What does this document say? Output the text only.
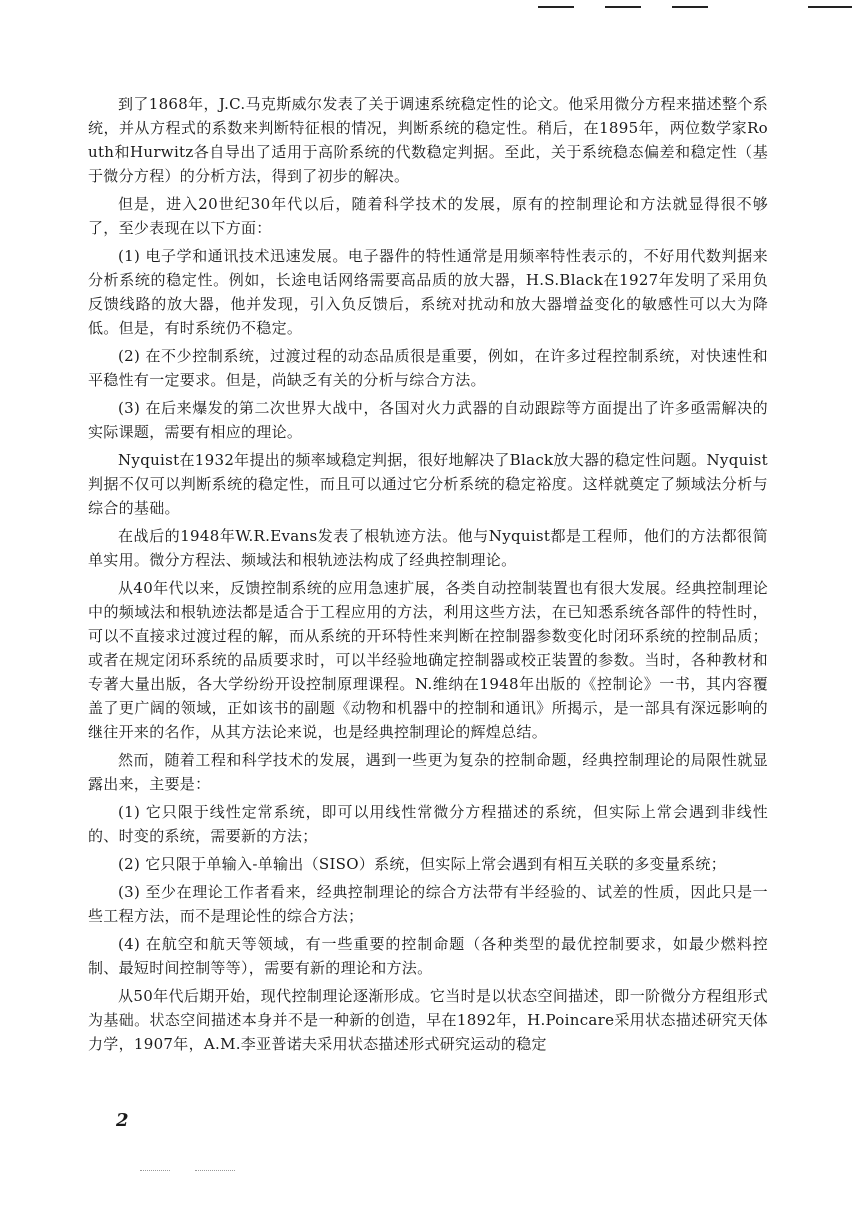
到了1868年，J.C.马克斯威尔发表了关于调速系统稳定性的论文。他采用微分方程来描述整个系统，并从方程式的系数来判断特征根的情况，判断系统的稳定性。稍后，在1895年，两位数学家Routh和Hurwitz各自导出了适用于高阶系统的代数稳定判据。至此，关于系统稳态偏差和稳定性（基于微分方程）的分析方法，得到了初步的解决。

但是，进入20世纪30年代以后，随着科学技术的发展，原有的控制理论和方法就显得很不够了，至少表现在以下方面：

(1) 电子学和通讯技术迅速发展。电子器件的特性通常是用频率特性表示的，不好用代数判据来分析系统的稳定性。例如，长途电话网络需要高品质的放大器，H.S.Black在1927年发明了采用负反馈线路的放大器，他并发现，引入负反馈后，系统对扰动和放大器增益变化的敏感性可以大为降低。但是，有时系统仍不稳定。

(2) 在不少控制系统，过渡过程的动态品质很是重要，例如，在许多过程控制系统，对快速性和平稳性有一定要求。但是，尚缺乏有关的分析与综合方法。

(3) 在后来爆发的第二次世界大战中，各国对火力武器的自动跟踪等方面提出了许多亟需解决的实际课题，需要有相应的理论。

Nyquist在1932年提出的频率域稳定判据，很好地解决了Black放大器的稳定性问题。Nyquist判据不仅可以判断系统的稳定性，而且可以通过它分析系统的稳定裕度。这样就奠定了频域法分析与综合的基础。

在战后的1948年W.R.Evans发表了根轨迹方法。他与Nyquist都是工程师，他们的方法都很简单实用。微分方程法、频域法和根轨迹法构成了经典控制理论。

从40年代以来，反馈控制系统的应用急速扩展，各类自动控制装置也有很大发展。经典控制理论中的频域法和根轨迹法都是适合于工程应用的方法，利用这些方法，在已知悉系统各部件的特性时，可以不直接求过渡过程的解，而从系统的开环特性来判断在控制器参数变化时闭环系统的控制品质；或者在规定闭环系统的品质要求时，可以半经验地确定控制器或校正装置的参数。当时，各种教材和专著大量出版，各大学纷纷开设控制原理课程。N.维纳在1948年出版的《控制论》一书，其内容覆盖了更广阔的领域，正如该书的副题《动物和机器中的控制和通讯》所揭示，是一部具有深远影响的继往开来的名作，从其方法论来说，也是经典控制理论的辉煌总结。

然而，随着工程和科学技术的发展，遇到一些更为复杂的控制命题，经典控制理论的局限性就显露出来，主要是：

(1) 它只限于线性定常系统，即可以用线性常微分方程描述的系统，但实际上常会遇到非线性的、时变的系统，需要新的方法；

(2) 它只限于单输入-单输出（SISO）系统，但实际上常会遇到有相互关联的多变量系统；

(3) 至少在理论工作者看来，经典控制理论的综合方法带有半经验的、试差的性质，因此只是一些工程方法，而不是理论性的综合方法；

(4) 在航空和航天等领域，有一些重要的控制命题（各种类型的最优控制要求，如最少燃料控制、最短时间控制等等），需要有新的理论和方法。

从50年代后期开始，现代控制理论逐渐形成。它当时是以状态空间描述，即一阶微分方程组形式为基础。状态空间描述本身并不是一种新的创造，早在1892年，H.Poincare采用状态描述研究天体力学，1907年，A.M.李亚普诺夫采用状态描述形式研究运动的稳定

2
